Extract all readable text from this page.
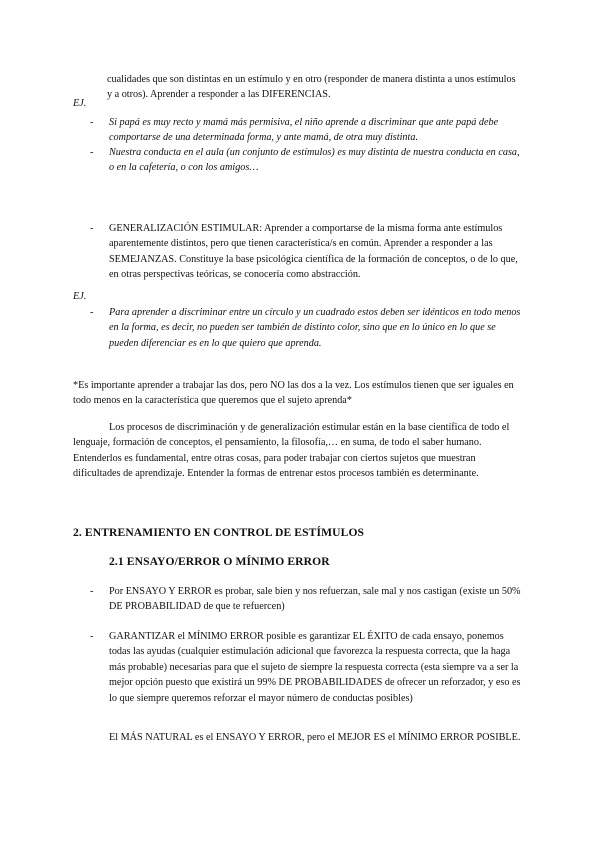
cualidades que son distintas en un estímulo y en otro (responder de manera distinta a unos estímulos y a otros). Aprender a responder a las DIFERENCIAS.

EJ.
- Si papá es muy recto y mamá más permisiva, el niño aprende a discriminar que ante papá debe comportarse de una determinada forma, y ante mamá, de otra muy distinta.

- Nuestra conducta en el aula (un conjunto de estímulos) es muy distinta de nuestra conducta en casa, o en la cafetería, o con los amigos…

- GENERALIZACIÓN ESTIMULAR: Aprender a comportarse de la misma forma ante estímulos aparentemente distintos, pero que tienen característica/s en común. Aprender a responder a las SEMEJANZAS. Constituye la base psicológica científica de la formación de conceptos, o de lo que, en otras perspectivas teóricas, se conocería como abstracción.

EJ.
- Para aprender a discriminar entre un círculo y un cuadrado estos deben ser idénticos en todo menos en la forma, es decir, no pueden ser también de distinto color, sino que en lo único en lo que se pueden diferenciar es en lo que quiero que aprenda.

*Es importante aprender a trabajar las dos, pero NO las dos a la vez. Los estímulos tienen que ser iguales en todo menos en la característica que queremos que el sujeto aprenda*

Los procesos de discriminación y de generalización estimular están en la base científica de todo el lenguaje, formación de conceptos, el pensamiento, la filosofía,… en suma, de todo el saber humano. Entenderlos es fundamental, entre otras cosas, para poder trabajar con ciertos sujetos que muestran dificultades de aprendizaje. Entender la formas de entrenar estos procesos también es determinante.

2. ENTRENAMIENTO EN CONTROL DE ESTÍMULOS
2.1 ENSAYO/ERROR O MÍNIMO ERROR
- Por ENSAYO Y ERROR es probar, sale bien y nos refuerzan, sale mal y nos castigan (existe un 50% DE PROBABILIDAD de que te refuercen)

- GARANTIZAR el MÍNIMO ERROR posible es garantizar EL ÉXITO de cada ensayo, ponemos todas las ayudas (cualquier estimulación adicional que favorezca la respuesta correcta, que la haga más probable) necesarias para que el sujeto de siempre la respuesta correcta (esta siempre va a ser la mejor opción puesto que existirá un 99% DE PROBABILIDADES de ofrecer un reforzador, y eso es lo que siempre queremos reforzar el mayor número de conductas posibles)

El MÁS NATURAL es el ENSAYO Y ERROR, pero el MEJOR ES el MÍNIMO ERROR POSIBLE.
